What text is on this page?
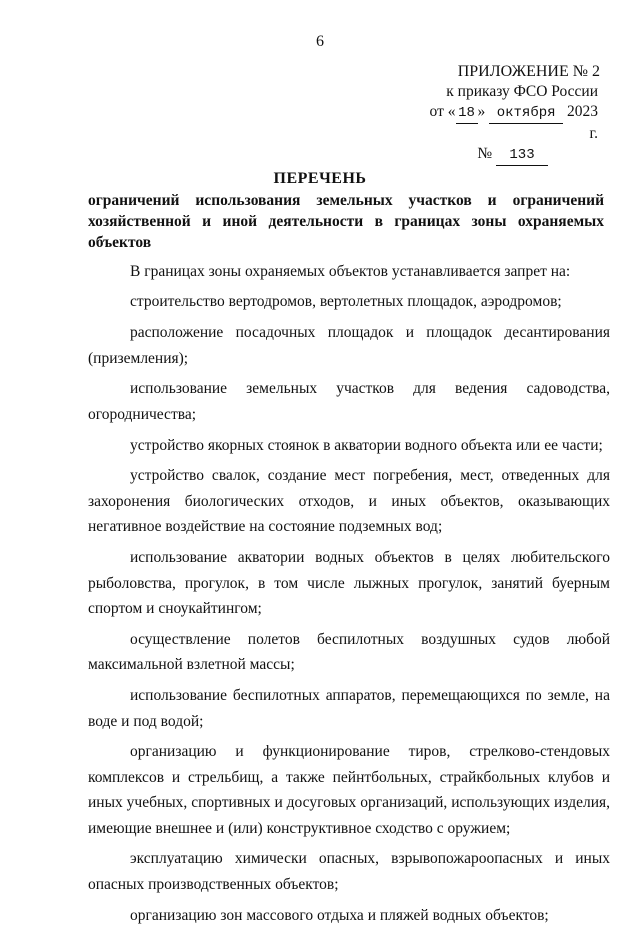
6
ПРИЛОЖЕНИЕ № 2
к приказу ФСО России
от « 18 » октября 2023 г.
№ 133
ПЕРЕЧЕНЬ
ограничений использования земельных участков и ограничений
хозяйственной и иной деятельности в границах зоны охраняемых объектов

В границах зоны охраняемых объектов устанавливается запрет на:

строительство вертодромов, вертолетных площадок, аэродромов;

расположение посадочных площадок и площадок десантирования (приземления);

использование земельных участков для ведения садоводства, огородничества;

устройство якорных стоянок в акватории водного объекта или ее части;

устройство свалок, создание мест погребения, мест, отведенных для захоронения биологических отходов, и иных объектов, оказывающих негативное воздействие на состояние подземных вод;

использование акватории водных объектов в целях любительского рыболовства, прогулок, в том числе лыжных прогулок, занятий буерным спортом и сноукайтингом;

осуществление полетов беспилотных воздушных судов любой максимальной взлетной массы;

использование беспилотных аппаратов, перемещающихся по земле, на воде и под водой;

организацию и функционирование тиров, стрелково-стендовых комплексов и стрельбищ, а также пейнтбольных, страйкбольных клубов и иных учебных, спортивных и досуговых организаций, использующих изделия, имеющие внешнее и (или) конструктивное сходство с оружием;

эксплуатацию химически опасных, взрывопожароопасных и иных опасных производственных объектов;

организацию зон массового отдыха и пляжей водных объектов;
